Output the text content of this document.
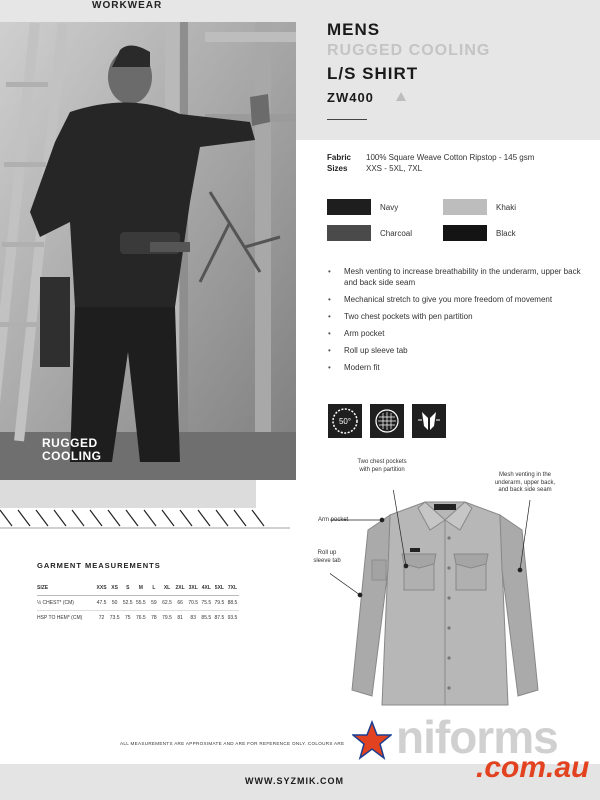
WORKWEAR
RUGGED
COOLING
MENS
RUGGED COOLING
L/S SHIRT
ZW400
Fabric 100% Square Weave Cotton Ripstop - 145 gsm
Sizes XXS - 5XL, 7XL
Navy	Khaki
Charcoal	Black
• Mesh venting to increase breathability in the underarm, upper back and back side seam
• Mechanical stretch to give you more freedom of movement
• Two chest pockets with pen partition
• Arm pocket
• Roll up sleeve tab
• Modern fit
50°
GARMENT MEASUREMENTS
SIZE	XXS	XS	S	M	L	XL	2XL	3XL	4XL	5XL	7XL
½ CHEST* (CM)	47.5	50	52.5	55.5	59	62.5	66	70.5	75.5	79.5	88.5
HSP TO HEM* (CM)	72	73.5	75	76.5	78	79.5	81	83	85.5	87.5	93.5
Two chest pockets with pen partition
Mesh venting in the underarm, upper back, and back side seam
Arm pocket
Roll up sleeve tab
ALL MEASUREMENTS ARE APPROXIMATE AND ARE FOR REFERENCE ONLY. COLOURS ARE
WWW.SYZMIK.COM
niforms
.com.au
